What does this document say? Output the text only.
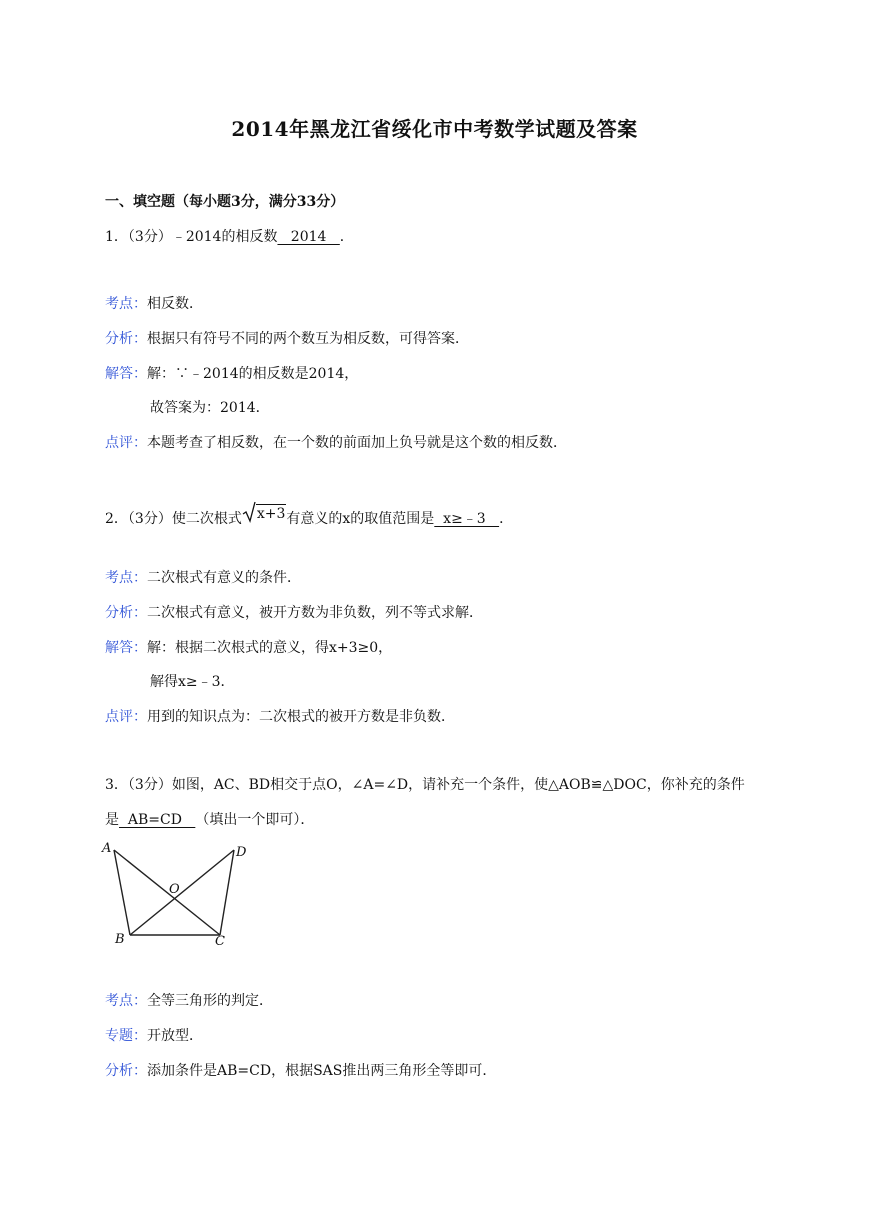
2014年黑龙江省绥化市中考数学试题及答案
一、填空题（每小题3分，满分33分）
1．（3分）﹣2014的相反数   2014   ．
考点：相反数．
分析：根据只有符号不同的两个数互为相反数，可得答案．
解答：解：∵﹣2014的相反数是2014，
故答案为：2014．
点评：本题考查了相反数，在一个数的前面加上负号就是这个数的相反数．
2．（3分）使二次根式 x+3 有意义的x的取值范围是  x≥﹣3   ．
考点：二次根式有意义的条件．
分析：二次根式有意义，被开方数为非负数，列不等式求解．
解答：解：根据二次根式的意义，得x+3≥0，
解得x≥﹣3．
点评：用到的知识点为：二次根式的被开方数是非负数．
3．（3分）如图，AC、BD相交于点O，∠A=∠D，请补充一个条件，使△AOB≌△DOC，你补充的条件
是  AB=CD   （填出一个即可）．
A
B	C
D
O
考点：全等三角形的判定．
专题：开放型．
分析：添加条件是AB=CD，根据SAS推出两三角形全等即可．
